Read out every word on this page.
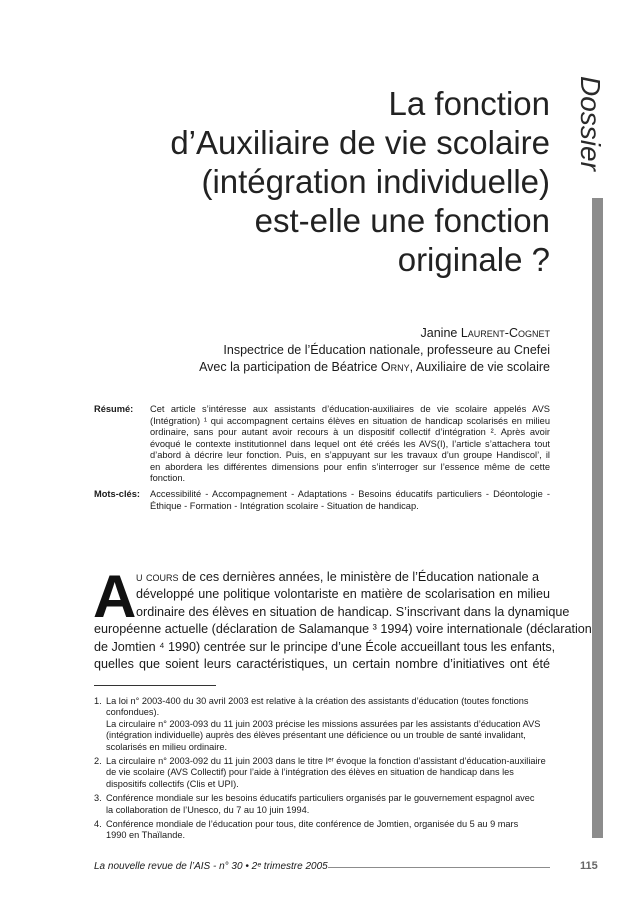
Dossier
La fonction
d’Auxiliaire de vie scolaire
(intégration individuelle)
est-elle une fonction
originale ?
Janine Laurent-Cognet
Inspectrice de l’Éducation nationale, professeure au Cnefei
Avec la participation de Béatrice Orny, Auxiliaire de vie scolaire
Résumé:	Cet article s’intéresse aux assistants d’éducation-auxiliaires de vie scolaire appelés AVS
(Intégration) ¹ qui accompagnent certains élèves en situation de handicap scolarisés en milieu
ordinaire, sans pour autant avoir recours à un dispositif collectif d’intégration ². Après avoir
évoqué le contexte institutionnel dans lequel ont été créés les AVS(I), l’article s’attachera tout
d’abord à décrire leur fonction. Puis, en s’appuyant sur les travaux d’un groupe Handiscol’, il
en abordera les différentes dimensions pour enfin s’interroger sur l’essence même de cette
fonction.
Mots-clés:	Accessibilité - Accompagnement - Adaptations - Besoins éducatifs particuliers - Déontologie -
Éthique - Formation - Intégration scolaire - Situation de handicap.
A u cours de ces dernières années, le ministère de l’Éducation nationale a
développé une politique volontariste en matière de scolarisation en milieu
ordinaire des élèves en situation de handicap. S’inscrivant dans la dynamique
européenne actuelle (déclaration de Salamanque ³ 1994) voire internationale (déclaration
de Jomtien ⁴ 1990) centrée sur le principe d’une École accueillant tous les enfants,
quelles que soient leurs caractéristiques, un certain nombre d’initiatives ont été
1. La loi n° 2003-400 du 30 avril 2003 est relative à la création des assistants d’éducation (toutes fonctions
confondues).
La circulaire n° 2003-093 du 11 juin 2003 précise les missions assurées par les assistants d’éducation AVS
(intégration individuelle) auprès des élèves présentant une déficience ou un trouble de santé invalidant,
scolarisés en milieu ordinaire.
2. La circulaire n° 2003-092 du 11 juin 2003 dans le titre Iᵉʳ évoque la fonction d’assistant d’éducation-auxiliaire
de vie scolaire (AVS Collectif) pour l’aide à l’intégration des élèves en situation de handicap dans les
dispositifs collectifs (Clis et UPI).
3. Conférence mondiale sur les besoins éducatifs particuliers organisés par le gouvernement espagnol avec
la collaboration de l’Unesco, du 7 au 10 juin 1994.
4. Conférence mondiale de l’éducation pour tous, dite conférence de Jomtien, organisée du 5 au 9 mars
1990 en Thaïlande.
La nouvelle revue de l’AIS - n° 30 • 2ᵉ trimestre 2005	115
